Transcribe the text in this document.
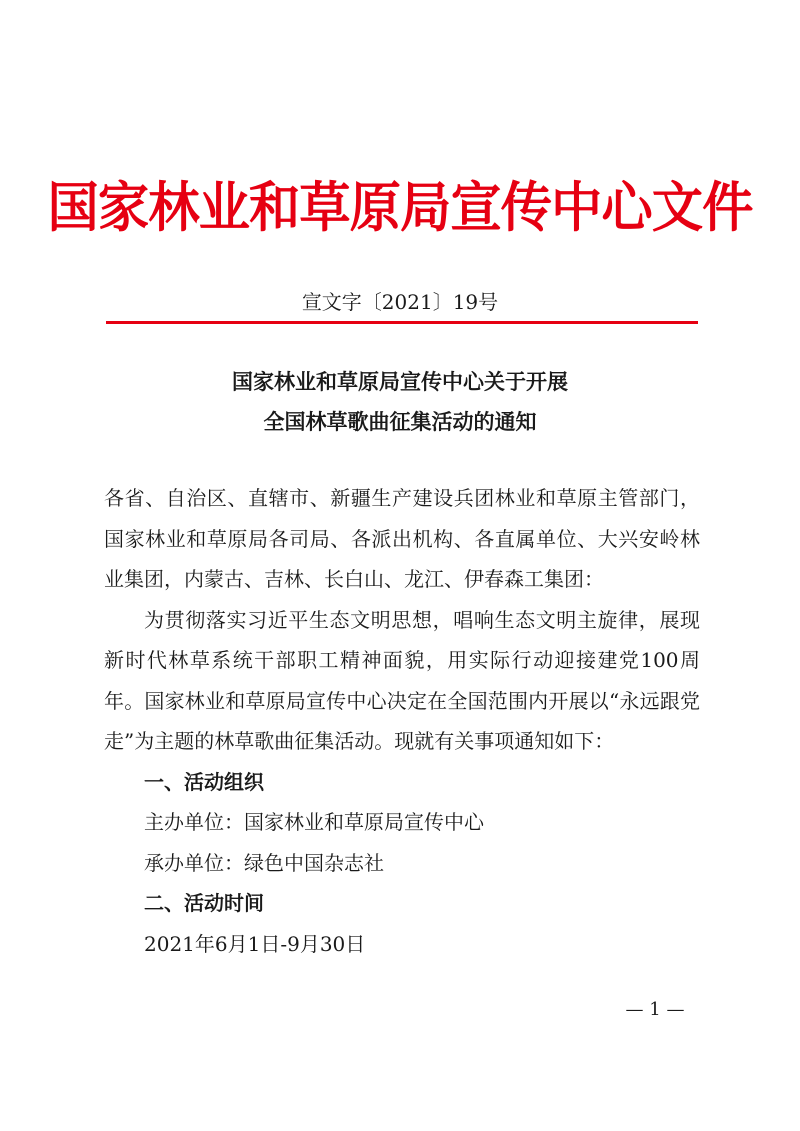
国家林业和草原局宣传中心文件
宣文字〔2021〕19号
国家林业和草原局宣传中心关于开展
全国林草歌曲征集活动的通知

各省、自治区、直辖市、新疆生产建设兵团林业和草原主管部门，国家林业和草原局各司局、各派出机构、各直属单位、大兴安岭林业集团，内蒙古、吉林、长白山、龙江、伊春森工集团：

为贯彻落实习近平生态文明思想，唱响生态文明主旋律，展现新时代林草系统干部职工精神面貌，用实际行动迎接建党100周年。国家林业和草原局宣传中心决定在全国范围内开展以“永远跟党走”为主题的林草歌曲征集活动。现就有关事项通知如下：

一、活动组织

主办单位：国家林业和草原局宣传中心

承办单位：绿色中国杂志社

二、活动时间

2021年6月1日-9月30日

— 1 —
